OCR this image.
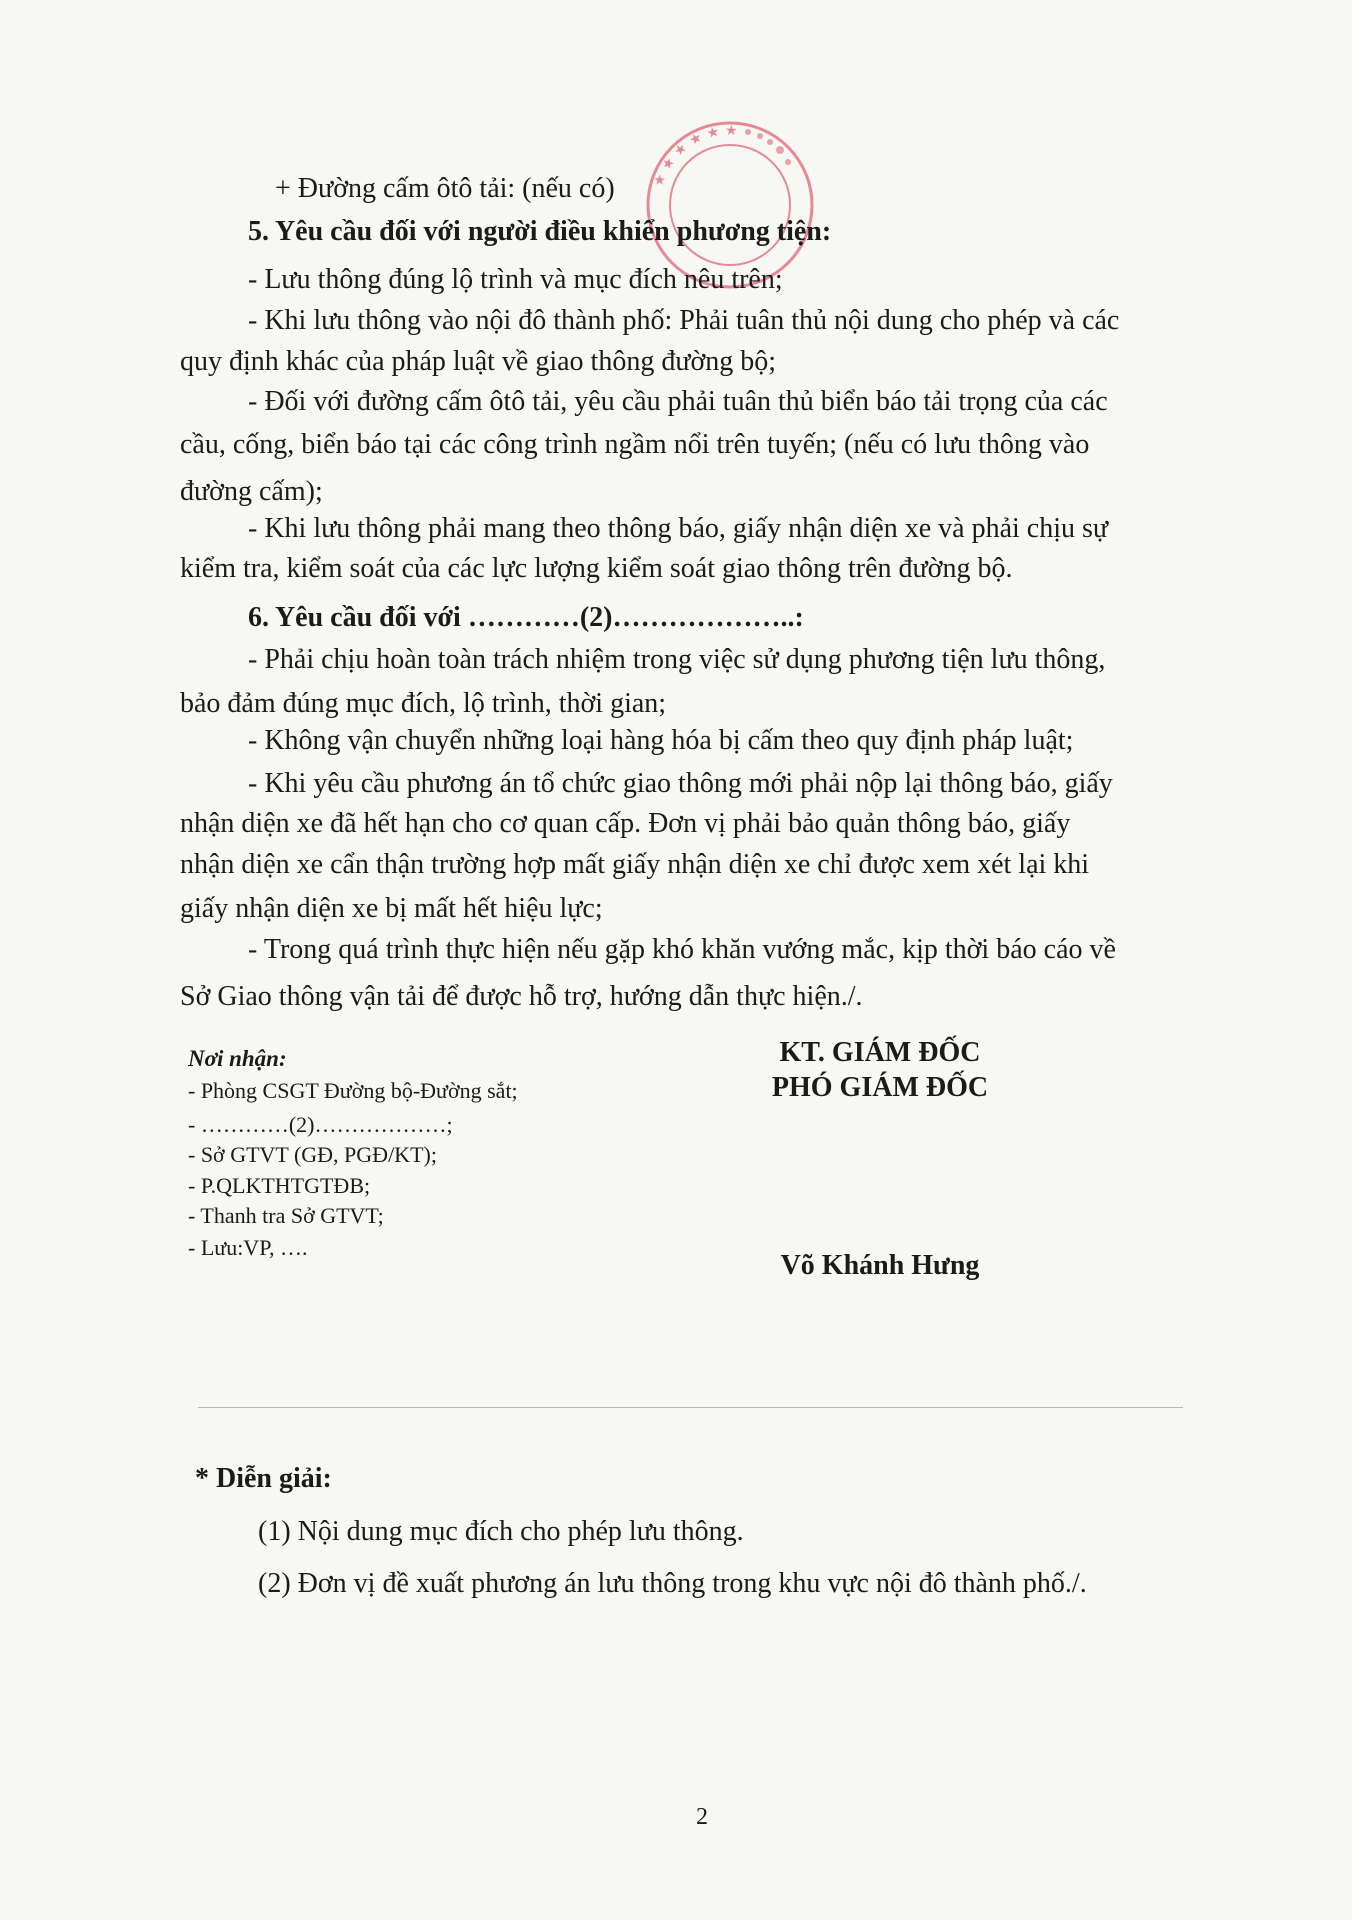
★ ★ ★ ★ ★ ★
+ Đường cấm ôtô tải: (nếu có)
5. Yêu cầu đối với người điều khiển phương tiện:
- Lưu thông đúng lộ trình và mục đích nêu trên;
- Khi lưu thông vào nội đô thành phố: Phải tuân thủ nội dung cho phép và các
quy định khác của pháp luật về giao thông đường bộ;
- Đối với đường cấm ôtô tải, yêu cầu phải tuân thủ biển báo tải trọng của các
cầu, cống, biển báo tại các công trình ngầm nổi trên tuyến; (nếu có lưu thông vào
đường cấm);
- Khi lưu thông phải mang theo thông báo, giấy nhận diện xe và phải chịu sự
kiểm tra, kiểm soát của các lực lượng kiểm soát giao thông trên đường bộ.
6. Yêu cầu đối với …………(2)………………..:
- Phải chịu hoàn toàn trách nhiệm trong việc sử dụng phương tiện lưu thông,
bảo đảm đúng mục đích, lộ trình, thời gian;
- Không vận chuyển những loại hàng hóa bị cấm theo quy định pháp luật;
- Khi yêu cầu phương án tổ chức giao thông mới phải nộp lại thông báo, giấy
nhận diện xe đã hết hạn cho cơ quan cấp. Đơn vị phải bảo quản thông báo, giấy
nhận diện xe cẩn thận trường hợp mất giấy nhận diện xe chỉ được xem xét lại khi
giấy nhận diện xe bị mất hết hiệu lực;
- Trong quá trình thực hiện nếu gặp khó khăn vướng mắc, kịp thời báo cáo về
Sở Giao thông vận tải để được hỗ trợ, hướng dẫn thực hiện./.
Nơi nhận:
- Phòng CSGT Đường bộ-Đường sắt;
- …………(2)………………;
- Sở GTVT (GĐ, PGĐ/KT);
- P.QLKTHTGTĐB;
- Thanh tra Sở GTVT;
- Lưu:VP, ….
KT. GIÁM ĐỐC
PHÓ GIÁM ĐỐC
Võ Khánh Hưng
* Diễn giải:
(1) Nội dung mục đích cho phép lưu thông.
(2) Đơn vị đề xuất phương án lưu thông trong khu vực nội đô thành phố./.
2
